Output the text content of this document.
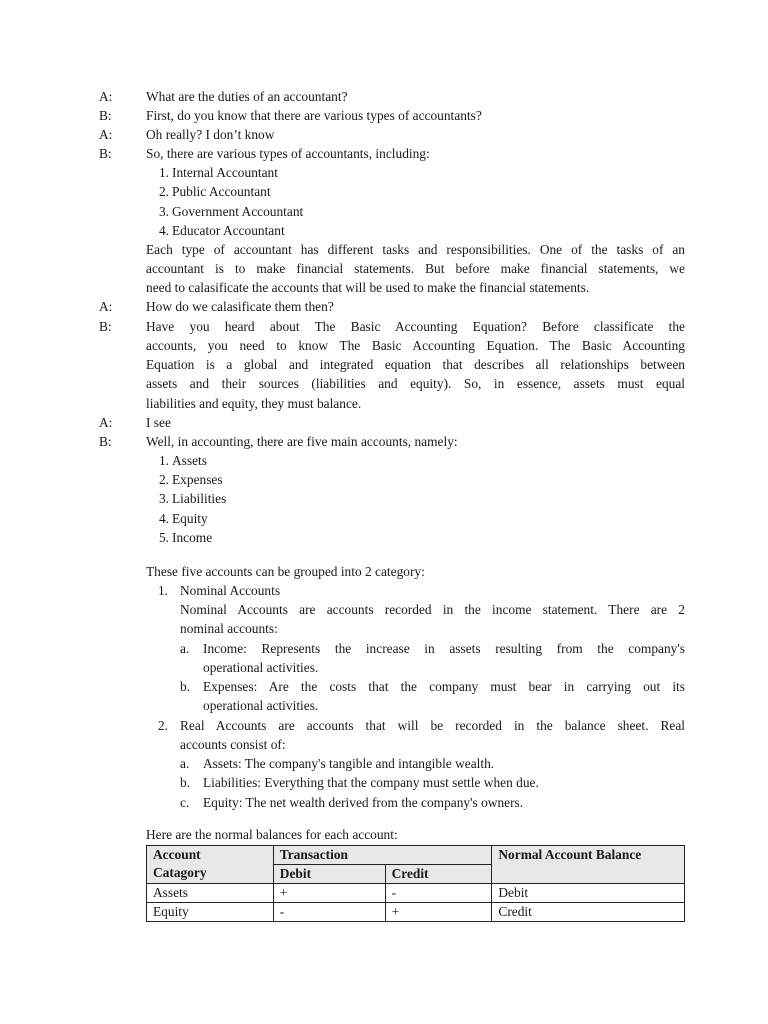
A:	What are the duties of an accountant?
B:	First, do you know that there are various types of accountants?
A:	Oh really? I don’t know
B:	So, there are various types of accountants, including:
1. Internal Accountant
2. Public Accountant
3. Government Accountant
4. Educator Accountant
Each type of accountant has different tasks and responsibilities. One of the tasks of an
accountant is to make financial statements. But before make financial statements, we
need to calasificate the accounts that will be used to make the financial statements.
A:	How do we calasificate them then?
B:	Have you heard about The Basic Accounting Equation? Before classificate the
accounts, you need to know The Basic Accounting Equation. The Basic Accounting
Equation is a global and integrated equation that describes all relationships between
assets and their sources (liabilities and equity). So, in essence, assets must equal
liabilities and equity, they must balance.
A:	I see
B:	Well, in accounting, there are five main accounts, namely:
1. Assets
2. Expenses
3. Liabilities
4. Equity
5. Income
These five accounts can be grouped into 2 category:
1. Nominal Accounts
Nominal Accounts are accounts recorded in the income statement. There are 2
nominal accounts:
a. Income: Represents the increase in assets resulting from the company's
operational activities.
b. Expenses: Are the costs that the company must bear in carrying out its
operational activities.
2. Real Accounts are accounts that will be recorded in the balance sheet. Real
accounts consist of:
a. Assets: The company's tangible and intangible wealth.
b. Liabilities: Everything that the company must settle when due.
c. Equity: The net wealth derived from the company's owners.
Here are the normal balances for each account:
Account
Catagory	Transaction		Normal Account Balance
	Debit	Credit	
Assets	+	-	Debit
Equity	-	+	Credit
